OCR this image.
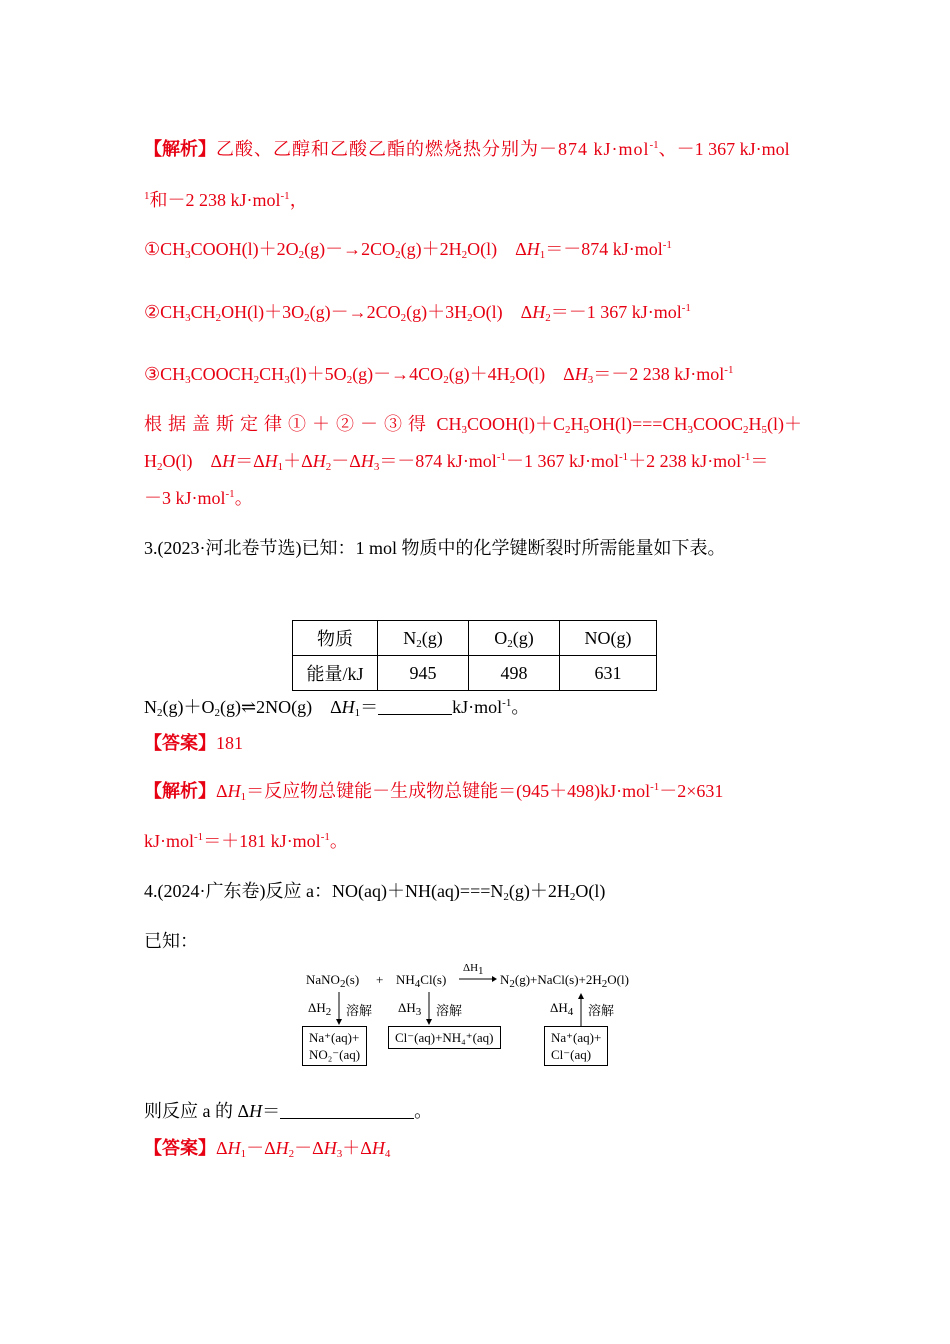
【解析】乙酸、乙醇和乙酸乙酯的燃烧热分别为－874 kJ·mol$^{-1}$、－1 367 kJ·mol
$^1$和－2 238 kJ·mol$^{-1}$，
$①CH_3COOH(l)+2O_2(g)-\to 2CO_2(g)+2H_2O(l)$　$\Delta H_1=-874$ kJ·mol$^{-1}$
$②CH_3CH_2OH(l)+3O_2(g)-\to 2CO_2(g)+3H_2O(l)$　$\Delta H_2=-1$ 367 kJ·mol$^{-1}$
$③CH_3COOCH_2CH_3(l)+5O_2(g)-\to 4CO_2(g)+4H_2O(l)$　$\Delta H_3=-2$ 238 kJ·mol$^{-1}$
根据盖斯定律①＋②－③得 $CH_3COOH(l)+C_2H_5OH(l)===CH_3COOC_2H_5(l)+$
$H_2O(l)$　$\Delta H=\Delta H_1+\Delta H_2-\Delta H_3=-874$ kJ·mol$^{-1}$－1 367 kJ·mol$^{-1}$＋2 238 kJ·mol$^{-1}$＝
－3 kJ·mol$^{-1}$。
3.(2023·河北卷节选)已知：1 mol 物质中的化学键断裂时所需能量如下表。
物质	$N_2(g)$	$O_2(g)$	NO(g)
能量/kJ	945	498	631
$N_2(g)+O_2(g)\rightleftharpoons 2NO(g)$　$\Delta H_1=$	kJ·mol$^{-1}$。
【答案】181
【解析】$\Delta H_1=$反应物总键能－生成物总键能＝(945＋498)kJ·mol$^{-1}$－2×631
kJ·mol$^{-1}$＝＋181 kJ·mol$^{-1}$。
4.(2024·广东卷)反应 a：$NO(aq)+NH(aq)===N_2(g)+2H_2O(l)$
已知：
NaNO$_2$(s) + $NH_4Cl(s)$
$\Delta H_1$
$N_2(g)+NaCl(s)+2H_2O(l)$
$\Delta H_2$ 溶解 $\Delta H_3$ 溶解	$\Delta H_4$ 溶解
Na⁺(aq)+
NO₂⁻(aq)
Cl⁻(aq)+NH₄⁺(aq)	Na⁺(aq)+
Cl⁻(aq)
则反应 a 的 ΔH＝	。
【答案】$\Delta H_1-\Delta H_2-\Delta H_3+\Delta H_4$
